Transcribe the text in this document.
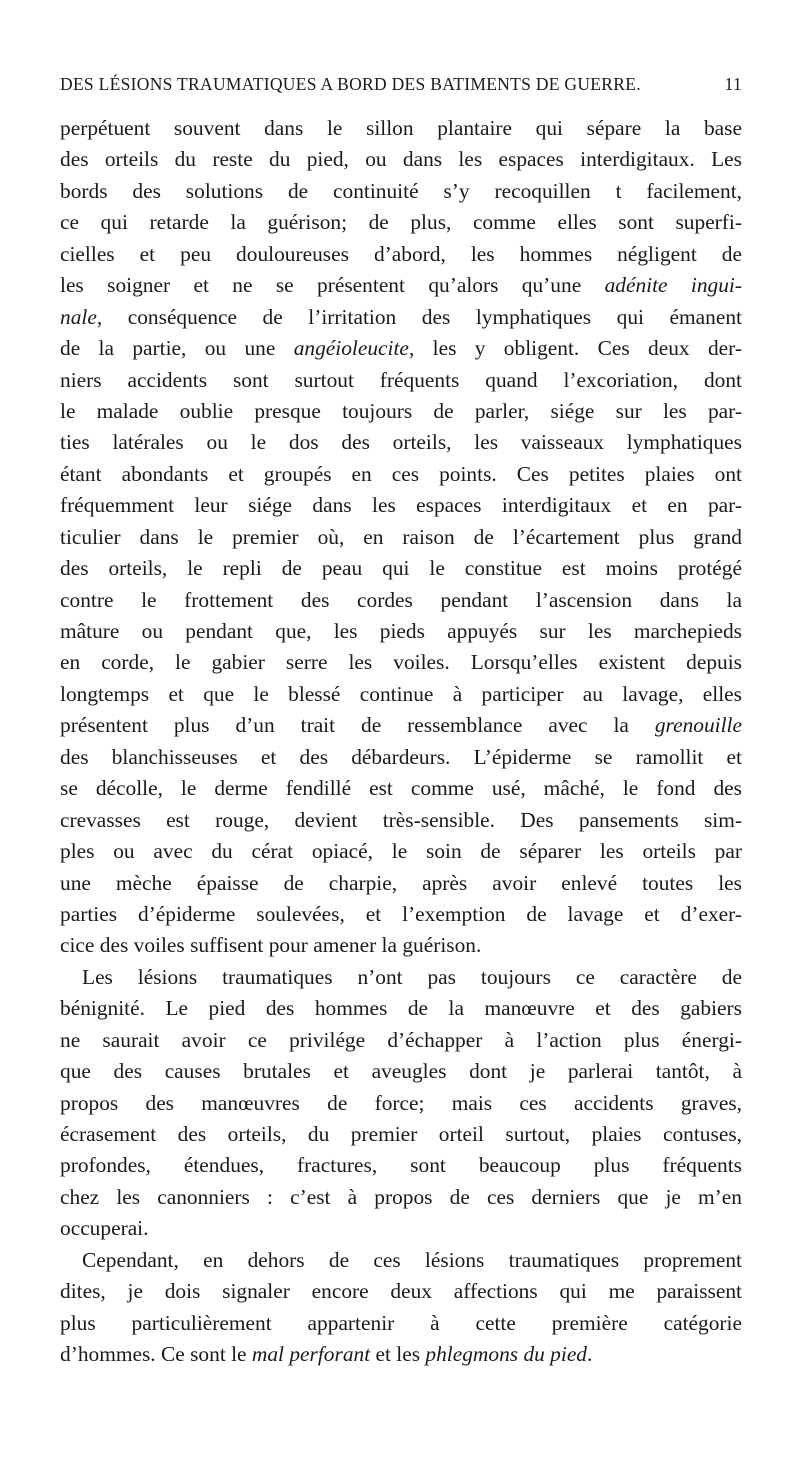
DES LÉSIONS TRAUMATIQUES A BORD DES BATIMENTS DE GUERRE.	11
perpétuent souvent dans le sillon plantaire qui sépare la base
des orteils du reste du pied, ou dans les espaces interdigitaux. Les
bords des solutions de continuité s’y recoquillen t facilement,
ce qui retarde la guérison; de plus, comme elles sont superfi-
cielles et peu douloureuses d’abord, les hommes négligent de
les soigner et ne se présentent qu’alors qu’une adénite ingui-
nale, conséquence de l’irritation des lymphatiques qui émanent
de la partie, ou une angéioleucite, les y obligent. Ces deux der-
niers accidents sont surtout fréquents quand l’excoriation, dont
le malade oublie presque toujours de parler, siége sur les par-
ties latérales ou le dos des orteils, les vaisseaux lymphatiques
étant abondants et groupés en ces points. Ces petites plaies ont
fréquemment leur siége dans les espaces interdigitaux et en par-
ticulier dans le premier où, en raison de l’écartement plus grand
des orteils, le repli de peau qui le constitue est moins protégé
contre le frottement des cordes pendant l’ascension dans la
mâture ou pendant que, les pieds appuyés sur les marchepieds
en corde, le gabier serre les voiles. Lorsqu’elles existent depuis
longtemps et que le blessé continue à participer au lavage, elles
présentent plus d’un trait de ressemblance avec la grenouille
des blanchisseuses et des débardeurs. L’épiderme se ramollit et
se décolle, le derme fendillé est comme usé, mâché, le fond des
crevasses est rouge, devient très-sensible. Des pansements sim-
ples ou avec du cérat opiacé, le soin de séparer les orteils par
une mèche épaisse de charpie, après avoir enlevé toutes les
parties d’épiderme soulevées, et l’exemption de lavage et d’exer-
cice des voiles suffisent pour amener la guérison.
Les lésions traumatiques n’ont pas toujours ce caractère de
bénignité. Le pied des hommes de la manœuvre et des gabiers
ne saurait avoir ce privilége d’échapper à l’action plus énergi-
que des causes brutales et aveugles dont je parlerai tantôt, à
propos des manœuvres de force; mais ces accidents graves,
écrasement des orteils, du premier orteil surtout, plaies contuses,
profondes, étendues, fractures, sont beaucoup plus fréquents
chez les canonniers : c’est à propos de ces derniers que je m’en
occuperai.
Cependant, en dehors de ces lésions traumatiques proprement
dites, je dois signaler encore deux affections qui me paraissent
plus particulièrement appartenir à cette première catégorie
d’hommes. Ce sont le mal perforant et les phlegmons du pied.
